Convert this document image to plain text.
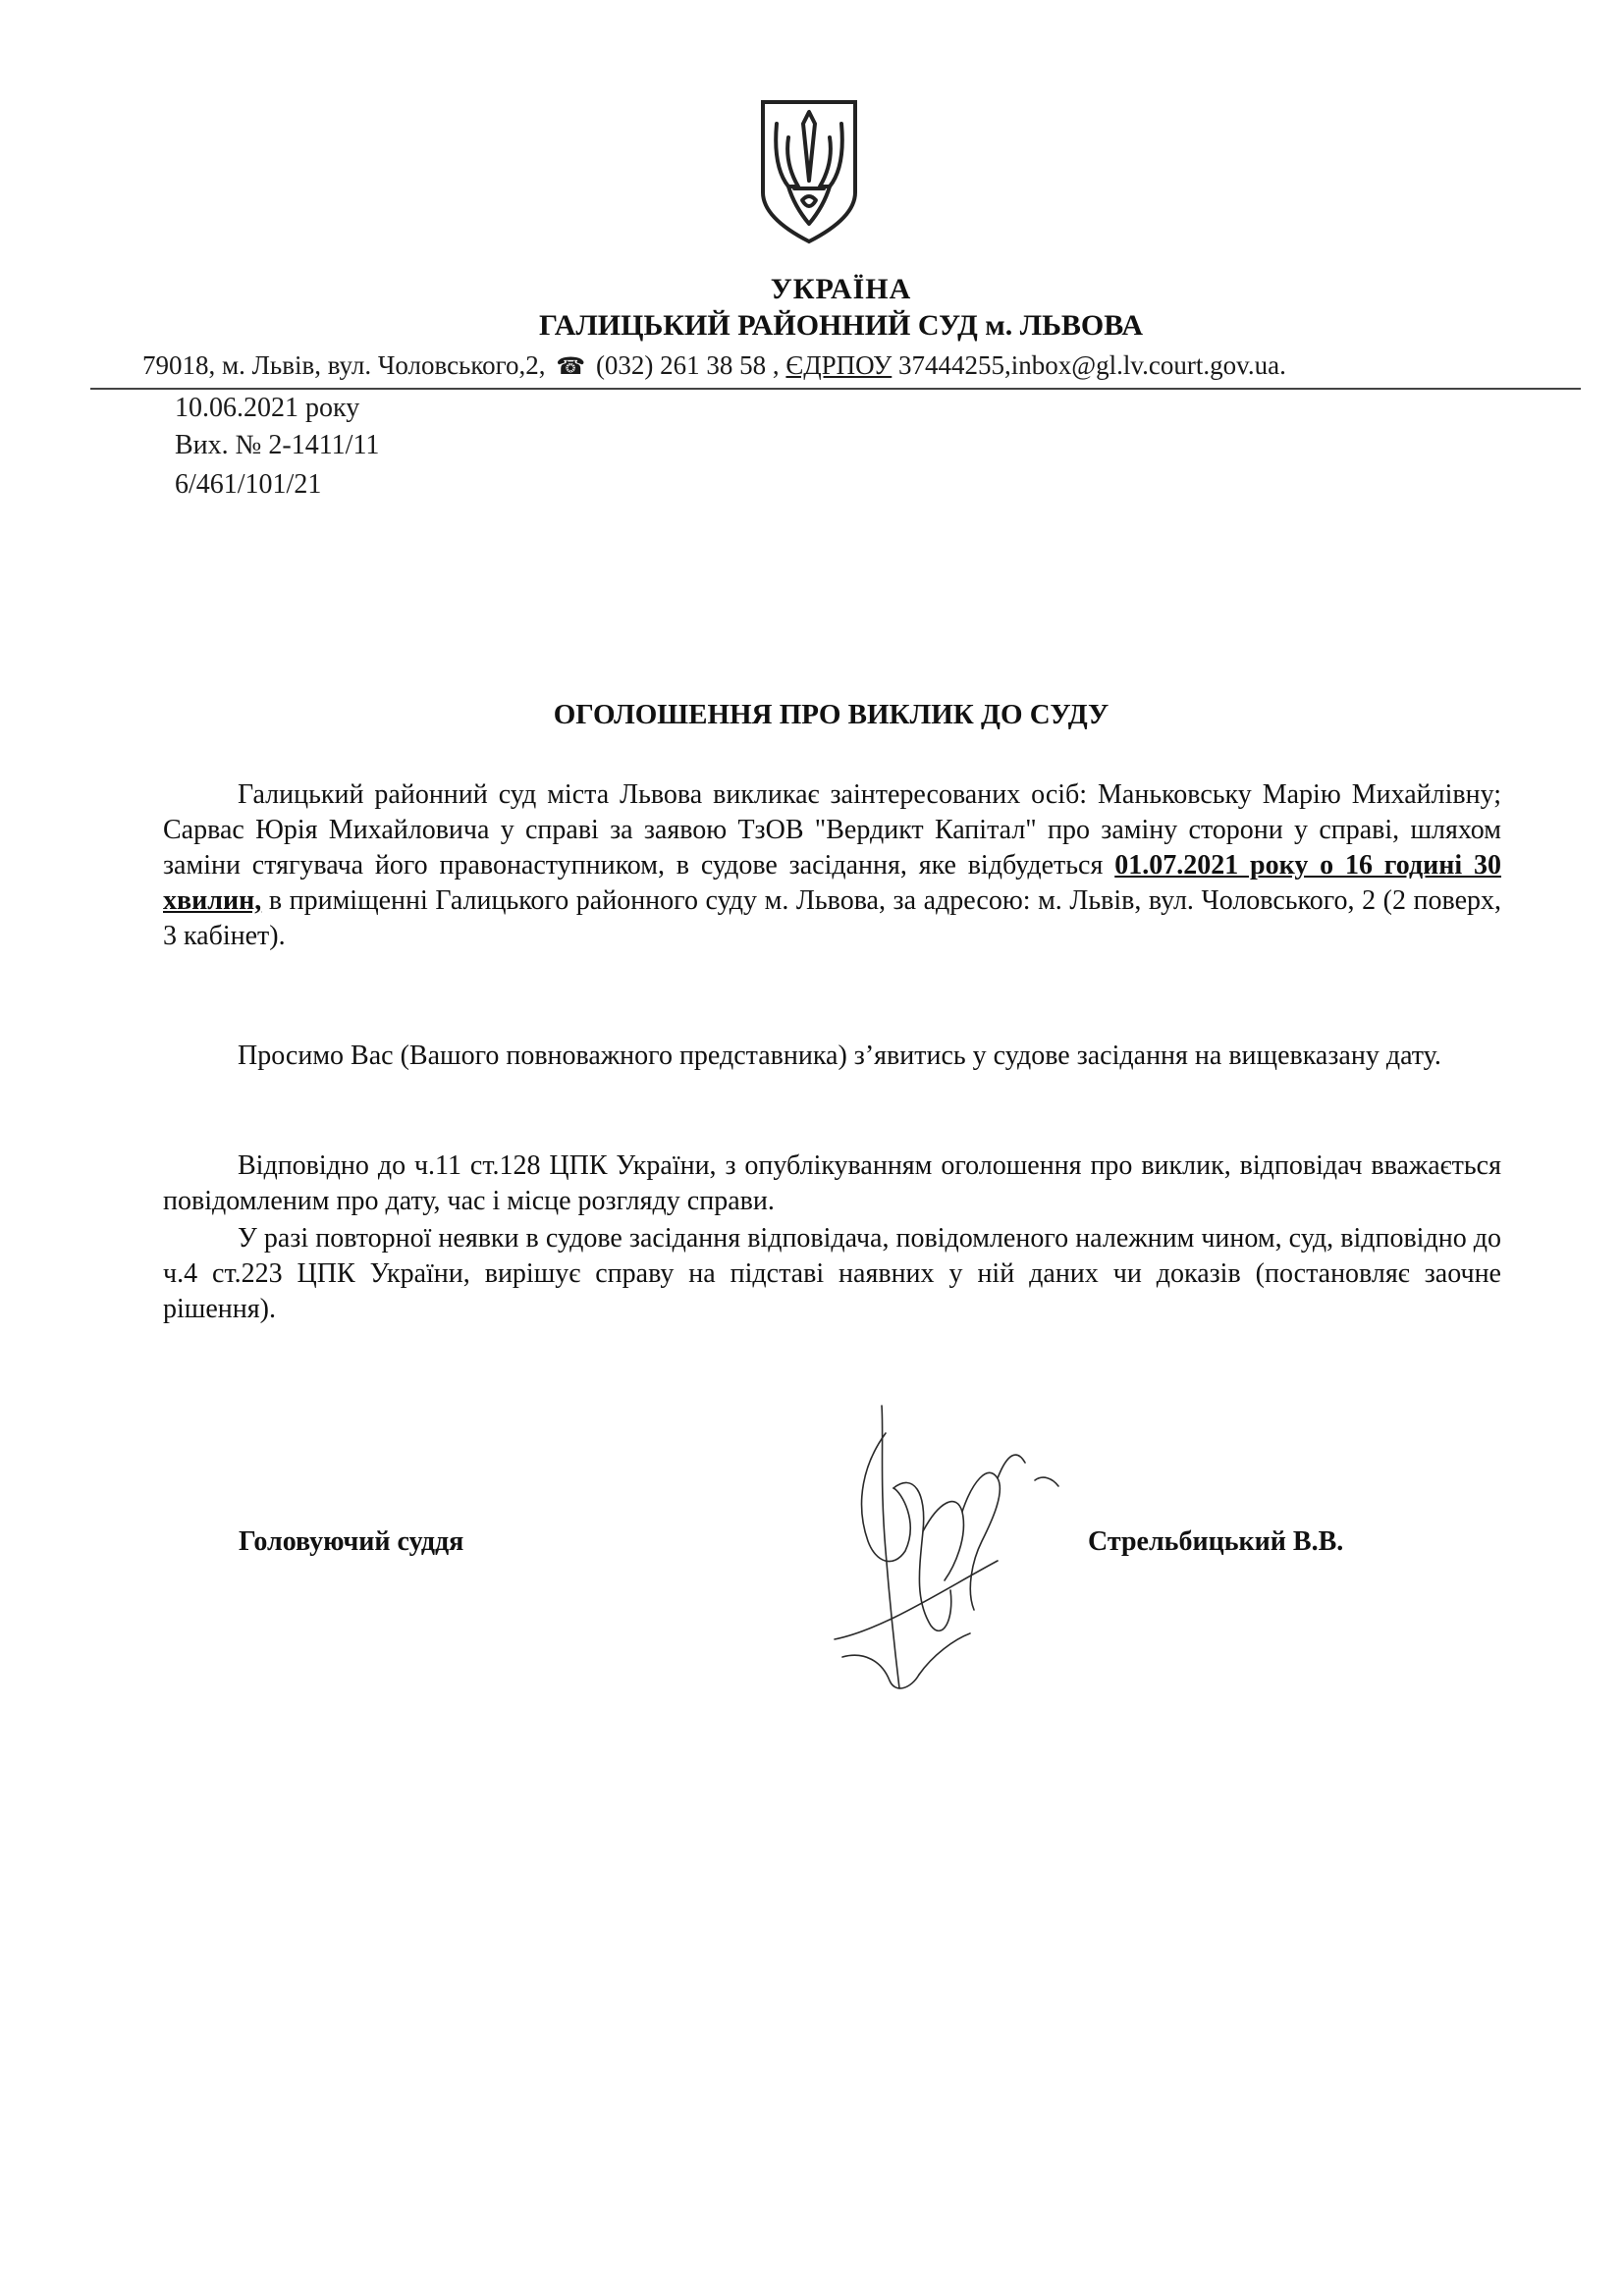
УКРАЇНА
ГАЛИЦЬКИЙ РАЙОННИЙ СУД м. ЛЬВОВА
79018, м. Львів, вул. Чоловського,2, ☎ (032) 261 38 58 , ЄДРПОУ 37444255,inbox@gl.lv.court.gov.ua.
10.06.2021 року
Вих. № 2-1411/11
6/461/101/21
ОГОЛОШЕННЯ ПРО ВИКЛИК ДО СУДУ

Галицький районний суд міста Львова викликає заінтересованих осіб: Маньковську Марію Михайлівну; Сарвас Юрія Михайловича у справі за заявою ТзОВ "Вердикт Капітал" про заміну сторони у справі, шляхом заміни стягувача його правонаступником, в судове засідання, яке відбудеться 01.07.2021 року о 16 годині 30 хвилин, в приміщенні Галицького районного суду м. Львова, за адресою: м. Львів, вул. Чоловського, 2 (2 поверх, 3 кабінет).

Просимо Вас (Вашого повноважного представника) з’явитись у судове засідання на вищевказану дату.

Відповідно до ч.11 ст.128 ЦПК України, з опублікуванням оголошення про виклик, відповідач вважається повідомленим про дату, час і місце розгляду справи.

У разі повторної неявки в судове засідання відповідача, повідомленого належним чином, суд, відповідно до ч.4 ст.223 ЦПК України, вирішує справу на підставі наявних у ній даних чи доказів (постановляє заочне рішення).

Головуючий суддя	Стрельбицький В.В.
